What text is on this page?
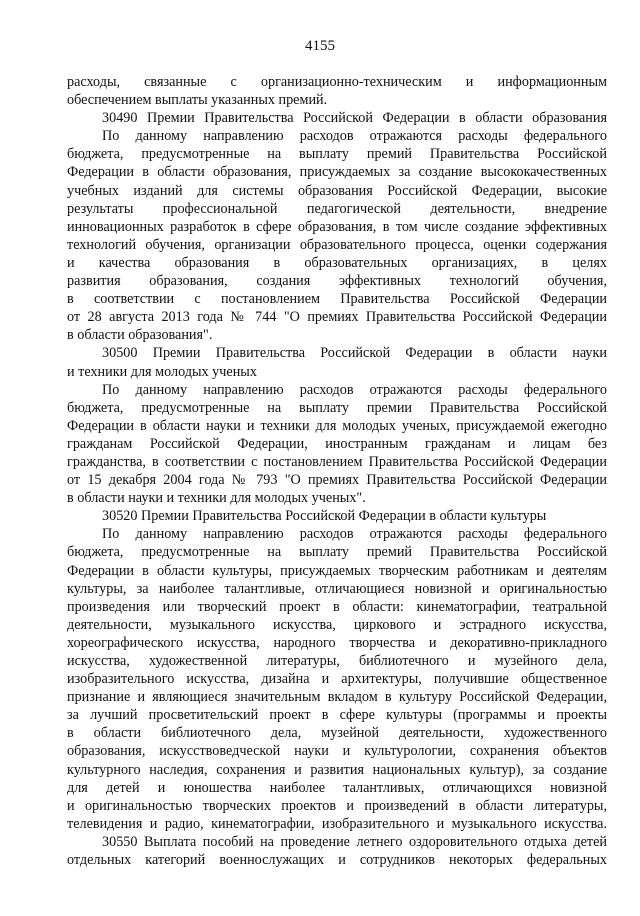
4155
расходы, связанные с организационно-техническим и информационным
обеспечением выплаты указанных премий.
30490 Премии Правительства Российской Федерации в области образования
По данному направлению расходов отражаются расходы федерального
бюджета, предусмотренные на выплату премий Правительства Российской
Федерации в области образования, присуждаемых за создание высококачественных
учебных изданий для системы образования Российской Федерации, высокие
результаты профессиональной педагогической деятельности, внедрение
инновационных разработок в сфере образования, в том числе создание эффективных
технологий обучения, организации образовательного процесса, оценки содержания
и качества образования в образовательных организациях, в целях
развития образования, создания эффективных технологий обучения,
в соответствии с постановлением Правительства Российской Федерации
от 28 августа 2013 года № 744 "О премиях Правительства Российской Федерации
в области образования".
30500 Премии Правительства Российской Федерации в области науки
и техники для молодых ученых
По данному направлению расходов отражаются расходы федерального
бюджета, предусмотренные на выплату премии Правительства Российской
Федерации в области науки и техники для молодых ученых, присуждаемой ежегодно
гражданам Российской Федерации, иностранным гражданам и лицам без
гражданства, в соответствии с постановлением Правительства Российской Федерации
от 15 декабря 2004 года № 793 "О премиях Правительства Российской Федерации
в области науки и техники для молодых ученых".
30520 Премии Правительства Российской Федерации в области культуры
По данному направлению расходов отражаются расходы федерального
бюджета, предусмотренные на выплату премий Правительства Российской
Федерации в области культуры, присуждаемых творческим работникам и деятелям
культуры, за наиболее талантливые, отличающиеся новизной и оригинальностью
произведения или творческий проект в области: кинематографии, театральной
деятельности, музыкального искусства, циркового и эстрадного искусства,
хореографического искусства, народного творчества и декоративно-прикладного
искусства, художественной литературы, библиотечного и музейного дела,
изобразительного искусства, дизайна и архитектуры, получившие общественное
признание и являющиеся значительным вкладом в культуру Российской Федерации,
за лучший просветительский проект в сфере культуры (программы и проекты
в области библиотечного дела, музейной деятельности, художественного
образования, искусствоведческой науки и культурологии, сохранения объектов
культурного наследия, сохранения и развития национальных культур), за создание
для детей и юношества наиболее талантливых, отличающихся новизной
и оригинальностью творческих проектов и произведений в области литературы,
телевидения и радио, кинематографии, изобразительного и музыкального искусства.
30550 Выплата пособий на проведение летнего оздоровительного отдыха детей
отдельных категорий военнослужащих и сотрудников некоторых федеральных
